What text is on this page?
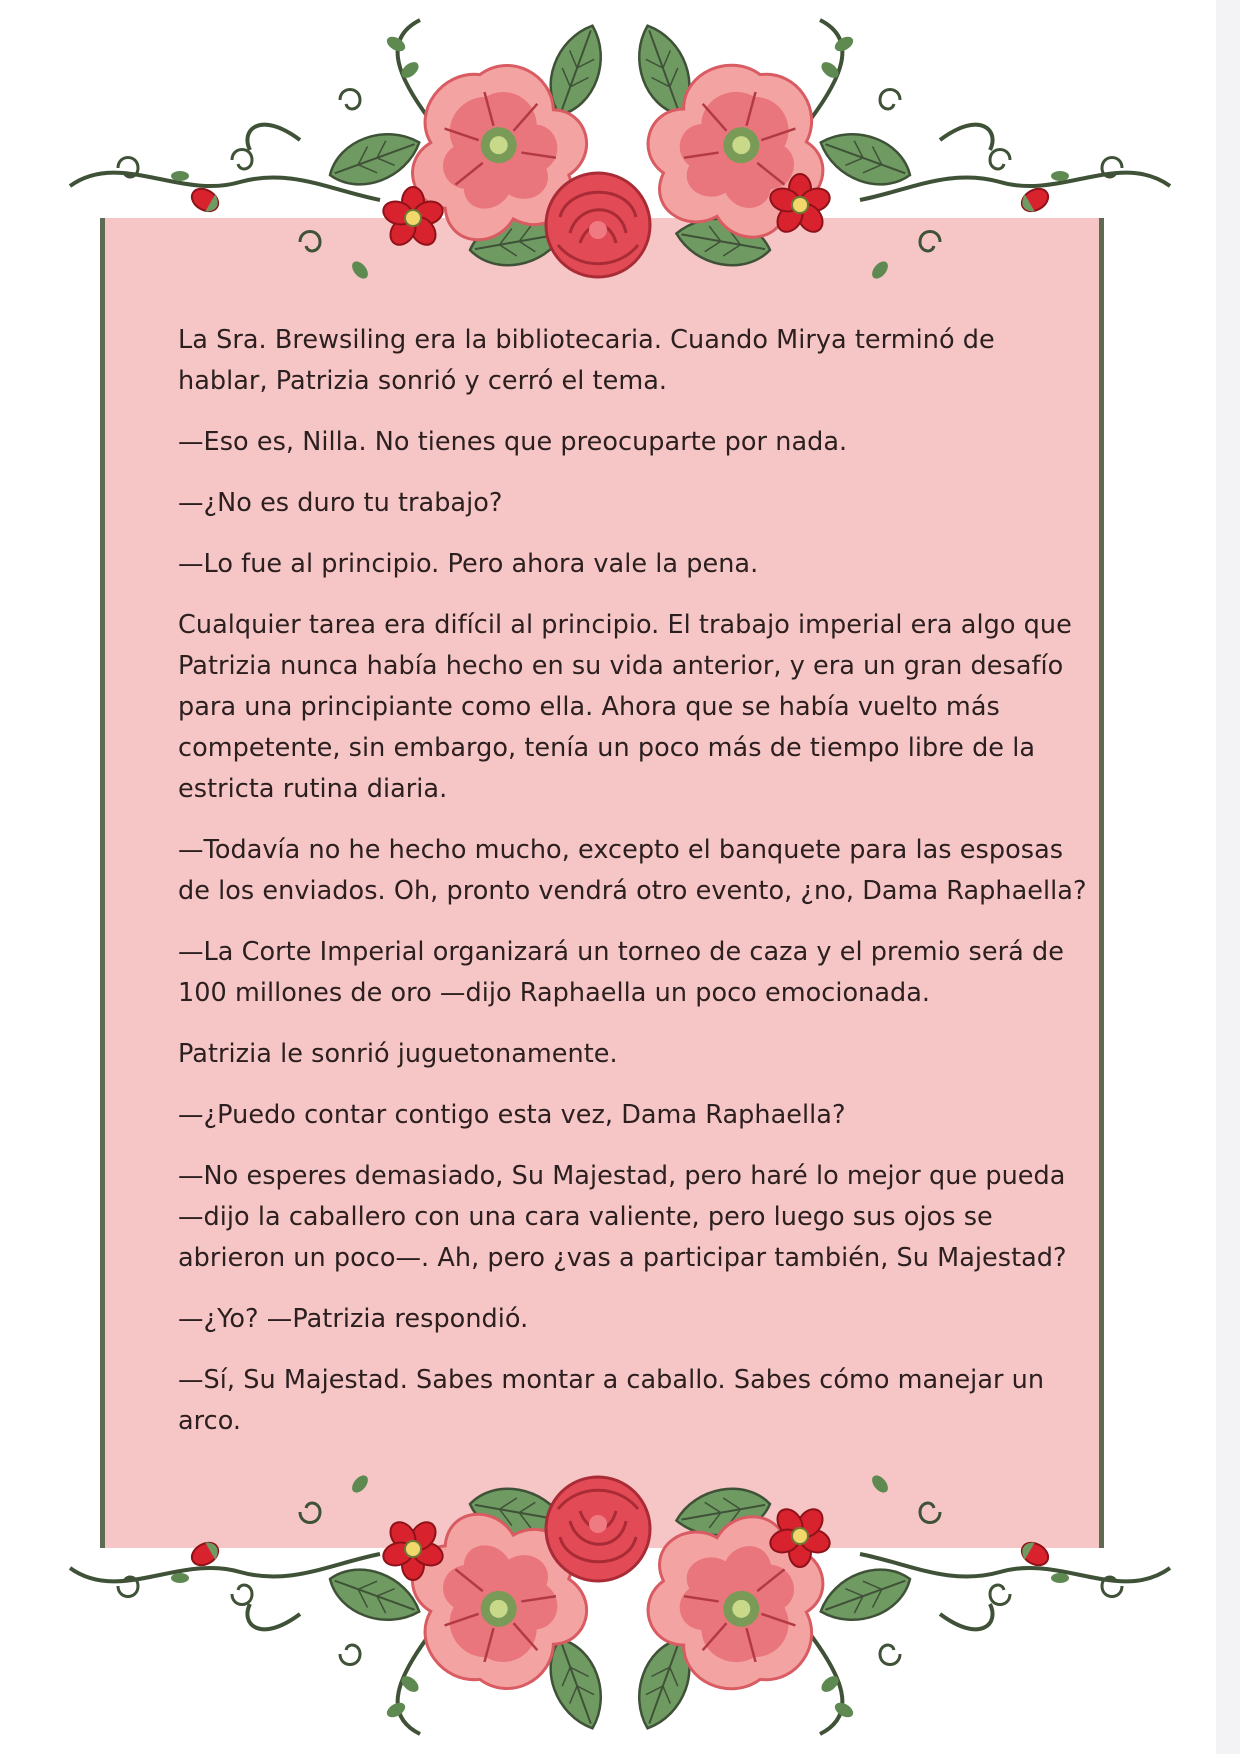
La Sra. Brewsiling era la bibliotecaria. Cuando Mirya terminó de hablar, Patrizia sonrió y cerró el tema.

—Eso es, Nilla. No tienes que preocuparte por nada.

—¿No es duro tu trabajo?

—Lo fue al principio. Pero ahora vale la pena.

Cualquier tarea era difícil al principio. El trabajo imperial era algo que Patrizia nunca había hecho en su vida anterior, y era un gran desafío para una principiante como ella. Ahora que se había vuelto más competente, sin embargo, tenía un poco más de tiempo libre de la estricta rutina diaria.

—Todavía no he hecho mucho, excepto el banquete para las esposas de los enviados. Oh, pronto vendrá otro evento, ¿no, Dama Raphaella?

—La Corte Imperial organizará un torneo de caza y el premio será de 100 millones de oro —dijo Raphaella un poco emocionada.

Patrizia le sonrió juguetonamente.

—¿Puedo contar contigo esta vez, Dama Raphaella?

—No esperes demasiado, Su Majestad, pero haré lo mejor que pueda —dijo la caballero con una cara valiente, pero luego sus ojos se abrieron un poco—. Ah, pero ¿vas a participar también, Su Majestad?

—¿Yo? —Patrizia respondió.

—Sí, Su Majestad. Sabes montar a caballo. Sabes cómo manejar un arco.
